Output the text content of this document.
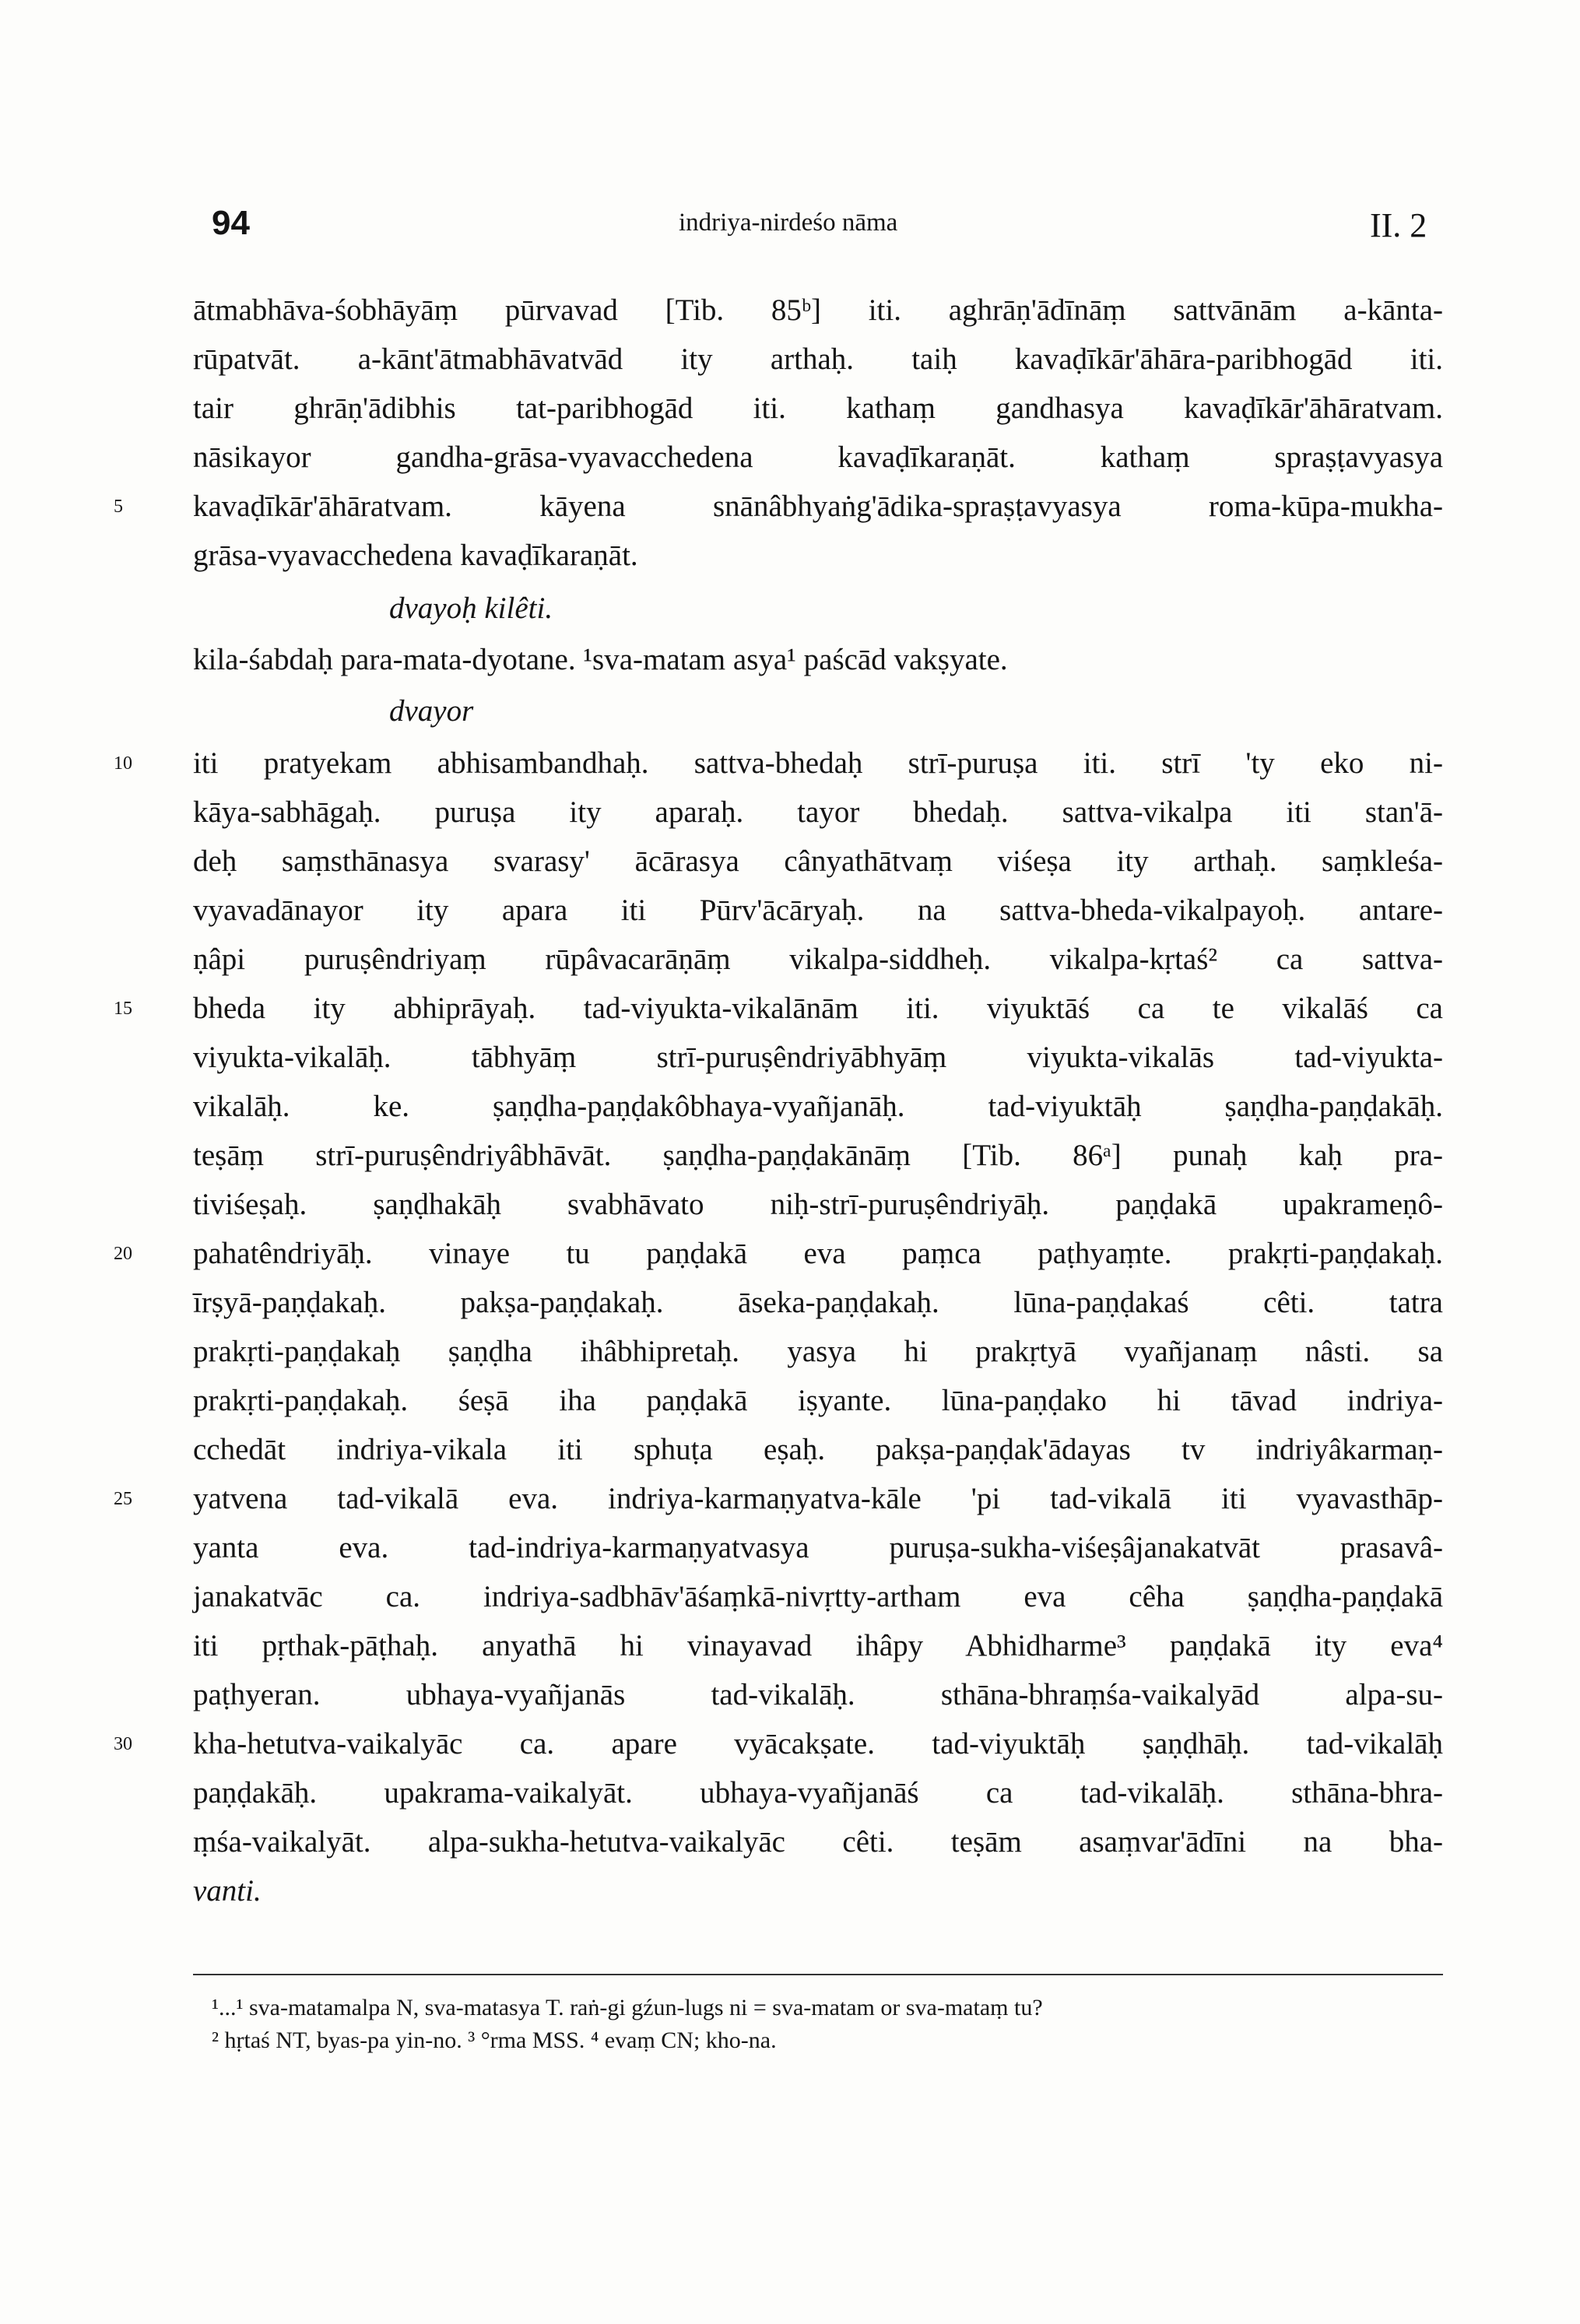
94	indriya-nirdeśo nāma	II. 2
ātmabhāva-śobhāyāṃ pūrvavad [Tib. 85ᵇ] iti. aghrāṇ'ādīnāṃ sattvānām a-kānta-
rūpatvāt. a-kānt'ātmabhāvatvād ity arthaḥ. taiḥ kavaḍīkār'āhāra-paribhogād iti.
tair ghrāṇ'ādibhis tat-paribhogād iti. kathaṃ gandhasya kavaḍīkār'āhāratvam.
nāsikayor gandha-grāsa-vyavacchedena kavaḍīkaraṇāt. kathaṃ spraṣṭavyasya
kavaḍīkār'āhāratvam. kāyena snānâbhyaṅg'ādika-spraṣṭavyasya roma-kūpa-mukha-
grāsa-vyavacchedena kavaḍīkaraṇāt.
dvayoḥ kilêti.
kila-śabdaḥ para-mata-dyotane. ¹sva-matam asya¹ paścād vakṣyate.
dvayor
iti pratyekam abhisambandhaḥ. sattva-bhedaḥ strī-puruṣa iti. strī 'ty eko ni-
kāya-sabhāgaḥ. puruṣa ity aparaḥ. tayor bhedaḥ. sattva-vikalpa iti stan'ā-
deḥ saṃsthānasya svarasy' ācārasya cânyathātvaṃ viśeṣa ity arthaḥ. saṃkleśa-
vyavadānayor ity apara iti Pūrv'ācāryaḥ. na sattva-bheda-vikalpayoḥ. antare-
ṇâpi puruṣêndriyaṃ rūpâvacarāṇāṃ vikalpa-siddheḥ. vikalpa-kṛtaś² ca sattva-
bheda ity abhiprāyaḥ. tad-viyukta-vikalānām iti. viyuktāś ca te vikalāś ca
viyukta-vikalāḥ. tābhyāṃ strī-puruṣêndriyābhyāṃ viyukta-vikalās tad-viyukta-
vikalāḥ. ke. ṣaṇḍha-paṇḍakôbhaya-vyañjanāḥ. tad-viyuktāḥ ṣaṇḍha-paṇḍakāḥ.
teṣāṃ strī-puruṣêndriyâbhāvāt. ṣaṇḍha-paṇḍakānāṃ [Tib. 86ᵃ] punaḥ kaḥ pra-
tiviśeṣaḥ. ṣaṇḍhakāḥ svabhāvato niḥ-strī-puruṣêndriyāḥ. paṇḍakā upakrameṇô-
pahatêndriyāḥ. vinaye tu paṇḍakā eva paṃca paṭhyaṃte. prakṛti-paṇḍakaḥ.
īrṣyā-paṇḍakaḥ. pakṣa-paṇḍakaḥ. āseka-paṇḍakaḥ. lūna-paṇḍakaś cêti. tatra
prakṛti-paṇḍakaḥ ṣaṇḍha ihâbhipretaḥ. yasya hi prakṛtyā vyañjanaṃ nâsti. sa
prakṛti-paṇḍakaḥ. śeṣā iha paṇḍakā iṣyante. lūna-paṇḍako hi tāvad indriya-
cchedāt indriya-vikala iti sphuṭa eṣaḥ. pakṣa-paṇḍak'ādayas tv indriyâkarmaṇ-
yatvena tad-vikalā eva. indriya-karmaṇyatva-kāle 'pi tad-vikalā iti vyavasthāp-
yanta eva. tad-indriya-karmaṇyatvasya puruṣa-sukha-viśeṣâjanakatvāt prasavâ-
janakatvāc ca. indriya-sadbhāv'āśaṃkā-nivṛtty-artham eva cêha ṣaṇḍha-paṇḍakā
iti pṛthak-pāṭhaḥ. anyathā hi vinayavad ihâpy Abhidharme³ paṇḍakā ity eva⁴
paṭhyeran. ubhaya-vyañjanās tad-vikalāḥ. sthāna-bhraṃśa-vaikalyād alpa-su-
kha-hetutva-vaikalyāc ca. apare vyācakṣate. tad-viyuktāḥ ṣaṇḍhāḥ. tad-vikalāḥ
paṇḍakāḥ. upakrama-vaikalyāt. ubhaya-vyañjanāś ca tad-vikalāḥ. sthāna-bhra-
ṃśa-vaikalyāt. alpa-sukha-hetutva-vaikalyāc cêti. teṣām asaṃvar'ādīni na bha-
vanti.
5
10
15
20
25
30
¹...¹ sva-matamalpa N, sva-matasya T. raṅ-gi gźun-lugs ni = sva-matam or sva-mataṃ tu?
² hṛtaś NT, byas-pa yin-no. ³ °rma MSS. ⁴ evaṃ CN; kho-na.
